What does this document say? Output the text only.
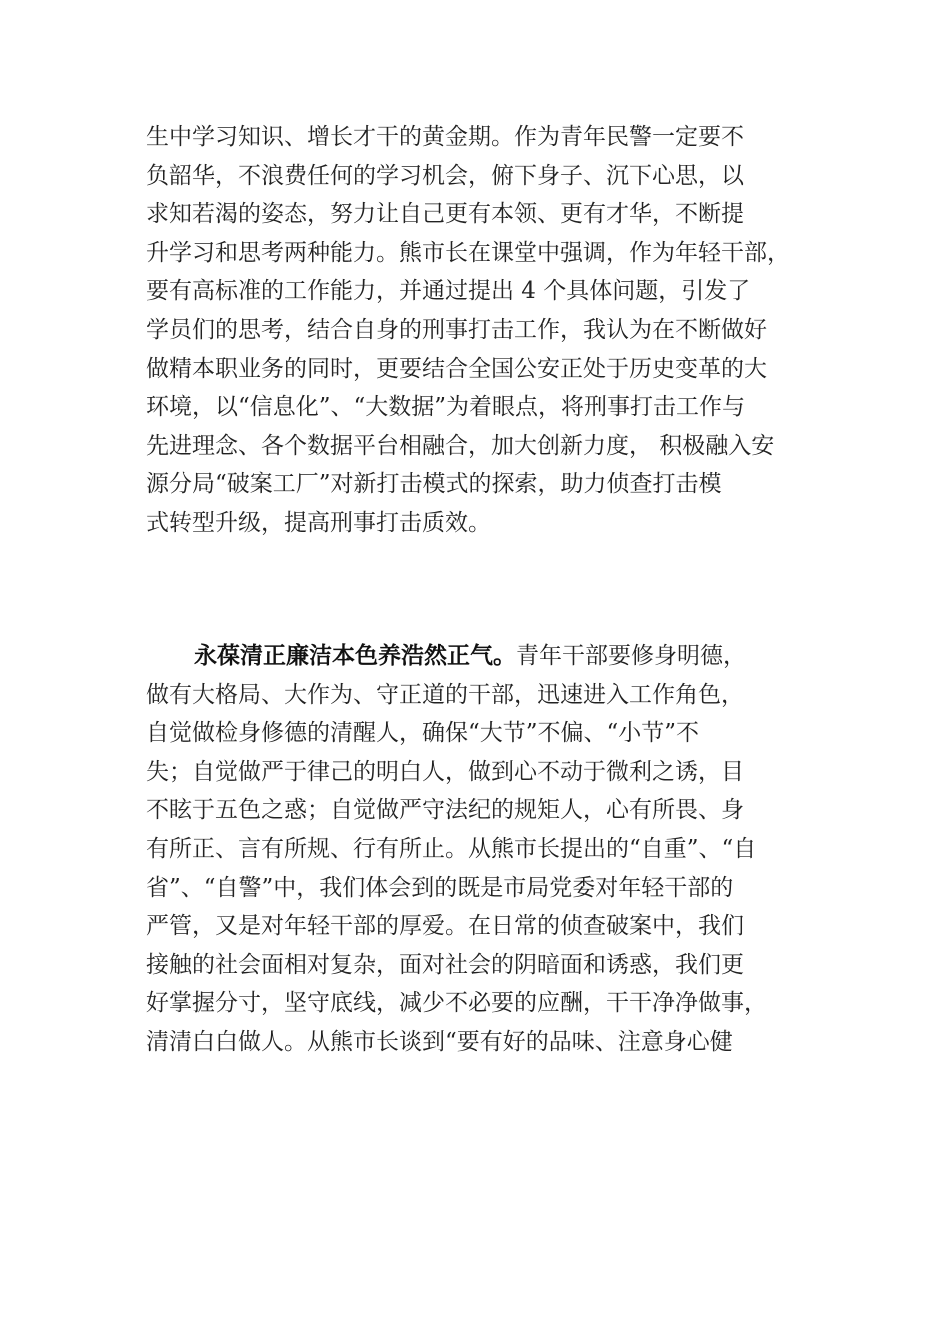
生中学习知识、增长才干的黄金期。作为青年民警一定要不
负韶华，不浪费任何的学习机会，俯下身子、沉下心思，以
求知若渴的姿态，努力让自己更有本领、更有才华，不断提
升学习和思考两种能力。熊市长在课堂中强调，作为年轻干部，
要有高标准的工作能力，并通过提出 4 个具体问题，引发了
学员们的思考，结合自身的刑事打击工作，我认为在不断做好
做精本职业务的同时，更要结合全国公安正处于历史变革的大
环境，以“信息化”、“大数据”为着眼点，将刑事打击工作与
先进理念、各个数据平台相融合，加大创新力度， 积极融入安
源分局“破案工厂”对新打击模式的探索，助力侦查打击模
式转型升级，提高刑事打击质效。
永葆清正廉洁本色养浩然正气。青年干部要修身明德，
做有大格局、大作为、守正道的干部，迅速进入工作角色，
自觉做检身修德的清醒人，确保“大节”不偏、“小节”不
失；自觉做严于律己的明白人，做到心不动于微利之诱，目
不眩于五色之惑；自觉做严守法纪的规矩人，心有所畏、身
有所正、言有所规、行有所止。从熊市长提出的“自重”、“自
省”、“自警”中，我们体会到的既是市局党委对年轻干部的
严管，又是对年轻干部的厚爱。在日常的侦查破案中，我们
接触的社会面相对复杂，面对社会的阴暗面和诱惑，我们更
好掌握分寸，坚守底线，减少不必要的应酬，干干净净做事，
清清白白做人。从熊市长谈到“要有好的品味、注意身心健
